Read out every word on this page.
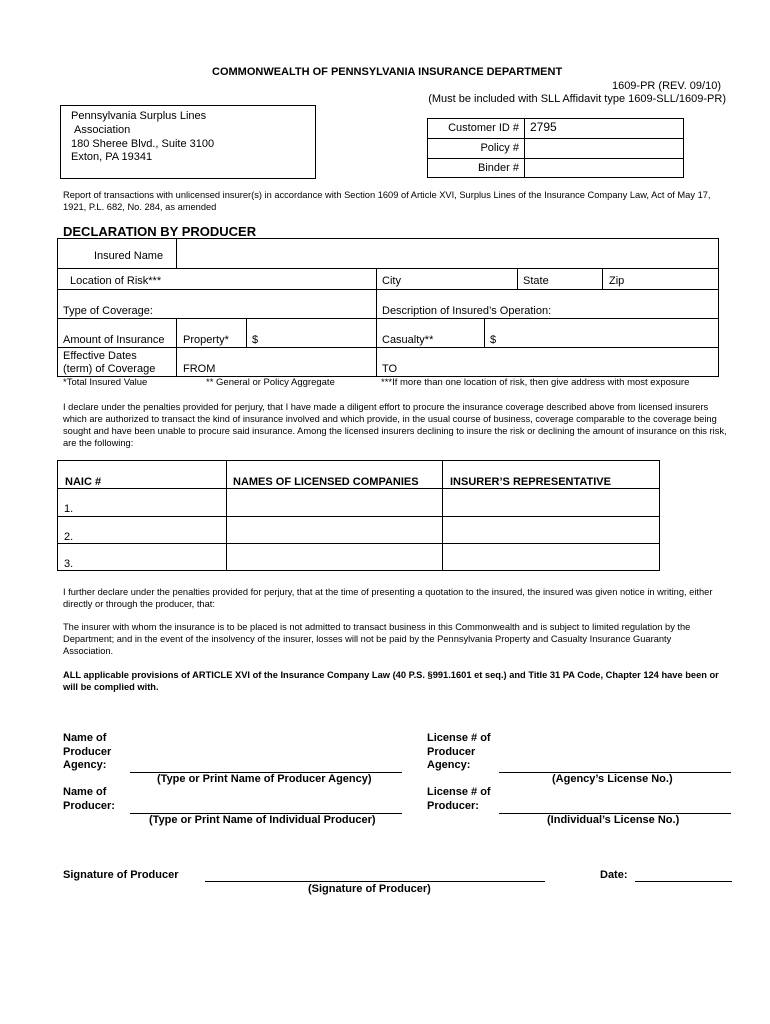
COMMONWEALTH OF PENNSYLVANIA INSURANCE DEPARTMENT
1609-PR (REV. 09/10)
(Must be included with SLL Affidavit type 1609-SLL/1609-PR)
Pennsylvania Surplus Lines
Association
180 Sheree Blvd., Suite 3100
Exton, PA 19341
Customer ID # 2795
Policy #
Binder #
Report of transactions with unlicensed insurer(s) in accordance with Section 1609 of Article XVI, Surplus Lines of the Insurance Company Law, Act of May 17, 1921, P.L. 682, No. 284, as amended
DECLARATION BY PRODUCER
Insured Name
Location of Risk***	City	State	Zip
Type of Coverage:	Description of Insured’s Operation:
Amount of Insurance Property* $	Casualty**	$
Effective Dates
(term) of Coverage	FROM	TO
*Total Insured Value	** General or Policy Aggregate	***If more than one location of risk, then give address with most exposure
I declare under the penalties provided for perjury, that I have made a diligent effort to procure the insurance coverage described above from licensed insurers which are authorized to transact the kind of insurance involved and which provide, in the usual course of business, coverage comparable to the coverage being sought and have been unable to procure said insurance. Among the licensed insurers declining to insure the risk or declining the amount of insurance on this risk, are the following:
NAIC #	NAMES OF LICENSED COMPANIES	INSURER’S REPRESENTATIVE
1.
2.
3.
I further declare under the penalties provided for perjury, that at the time of presenting a quotation to the insured, the insured was given notice in writing, either directly or through the producer, that:
The insurer with whom the insurance is to be placed is not admitted to transact business in this Commonwealth and is subject to limited regulation by the Department; and in the event of the insolvency of the insurer, losses will not be paid by the Pennsylvania Property and Casualty Insurance Guaranty Association.
ALL applicable provisions of ARTICLE XVI of the Insurance Company Law (40 P.S. §991.1601 et seq.) and Title 31 PA Code, Chapter 124 have been or will be complied with.
Name of
Producer
Agency:
(Type or Print Name of Producer Agency)
License # of
Producer
Agency:
(Agency’s License No.)
Name of
Producer:
(Type or Print Name of Individual Producer)
License # of
Producer:
(Individual’s License No.)
Signature of Producer
(Signature of Producer)
Date:
